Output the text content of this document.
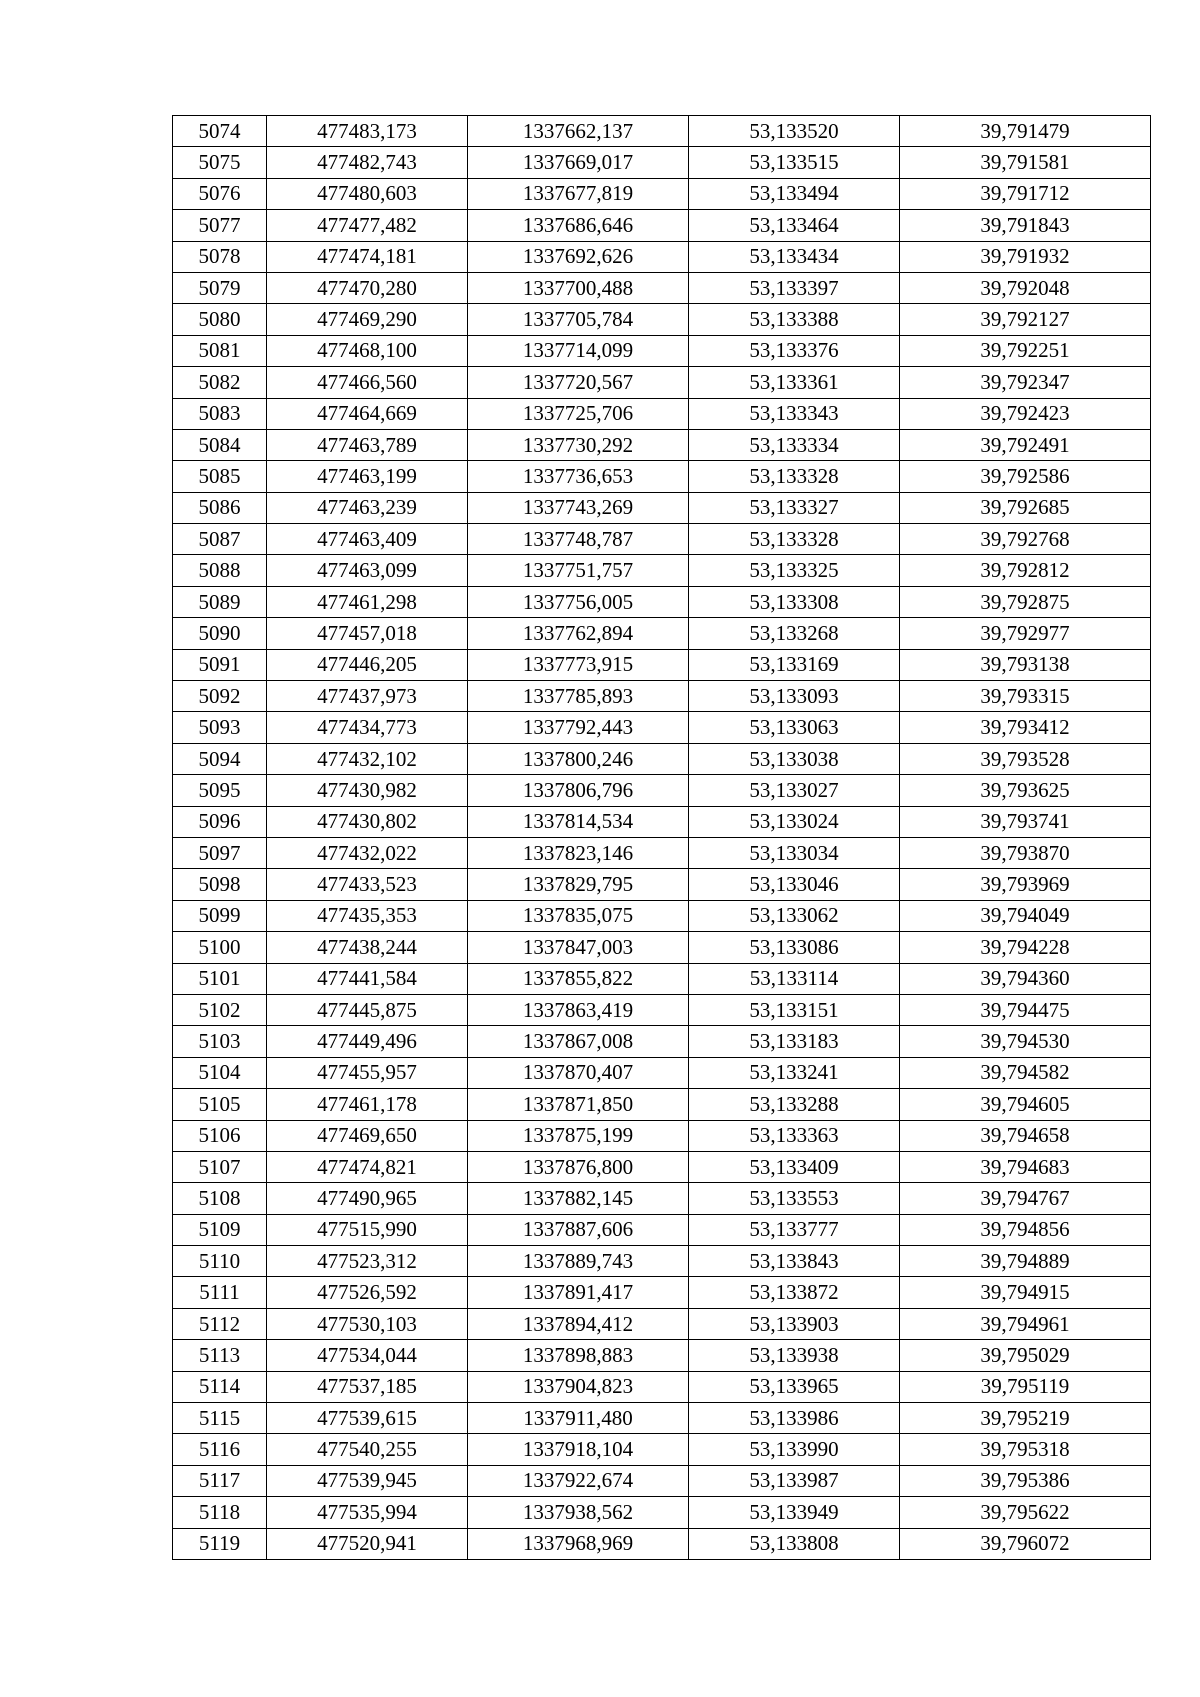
5074	477483,173	1337662,137	53,133520	39,791479
5075	477482,743	1337669,017	53,133515	39,791581
5076	477480,603	1337677,819	53,133494	39,791712
5077	477477,482	1337686,646	53,133464	39,791843
5078	477474,181	1337692,626	53,133434	39,791932
5079	477470,280	1337700,488	53,133397	39,792048
5080	477469,290	1337705,784	53,133388	39,792127
5081	477468,100	1337714,099	53,133376	39,792251
5082	477466,560	1337720,567	53,133361	39,792347
5083	477464,669	1337725,706	53,133343	39,792423
5084	477463,789	1337730,292	53,133334	39,792491
5085	477463,199	1337736,653	53,133328	39,792586
5086	477463,239	1337743,269	53,133327	39,792685
5087	477463,409	1337748,787	53,133328	39,792768
5088	477463,099	1337751,757	53,133325	39,792812
5089	477461,298	1337756,005	53,133308	39,792875
5090	477457,018	1337762,894	53,133268	39,792977
5091	477446,205	1337773,915	53,133169	39,793138
5092	477437,973	1337785,893	53,133093	39,793315
5093	477434,773	1337792,443	53,133063	39,793412
5094	477432,102	1337800,246	53,133038	39,793528
5095	477430,982	1337806,796	53,133027	39,793625
5096	477430,802	1337814,534	53,133024	39,793741
5097	477432,022	1337823,146	53,133034	39,793870
5098	477433,523	1337829,795	53,133046	39,793969
5099	477435,353	1337835,075	53,133062	39,794049
5100	477438,244	1337847,003	53,133086	39,794228
5101	477441,584	1337855,822	53,133114	39,794360
5102	477445,875	1337863,419	53,133151	39,794475
5103	477449,496	1337867,008	53,133183	39,794530
5104	477455,957	1337870,407	53,133241	39,794582
5105	477461,178	1337871,850	53,133288	39,794605
5106	477469,650	1337875,199	53,133363	39,794658
5107	477474,821	1337876,800	53,133409	39,794683
5108	477490,965	1337882,145	53,133553	39,794767
5109	477515,990	1337887,606	53,133777	39,794856
5110	477523,312	1337889,743	53,133843	39,794889
5111	477526,592	1337891,417	53,133872	39,794915
5112	477530,103	1337894,412	53,133903	39,794961
5113	477534,044	1337898,883	53,133938	39,795029
5114	477537,185	1337904,823	53,133965	39,795119
5115	477539,615	1337911,480	53,133986	39,795219
5116	477540,255	1337918,104	53,133990	39,795318
5117	477539,945	1337922,674	53,133987	39,795386
5118	477535,994	1337938,562	53,133949	39,795622
5119	477520,941	1337968,969	53,133808	39,796072
